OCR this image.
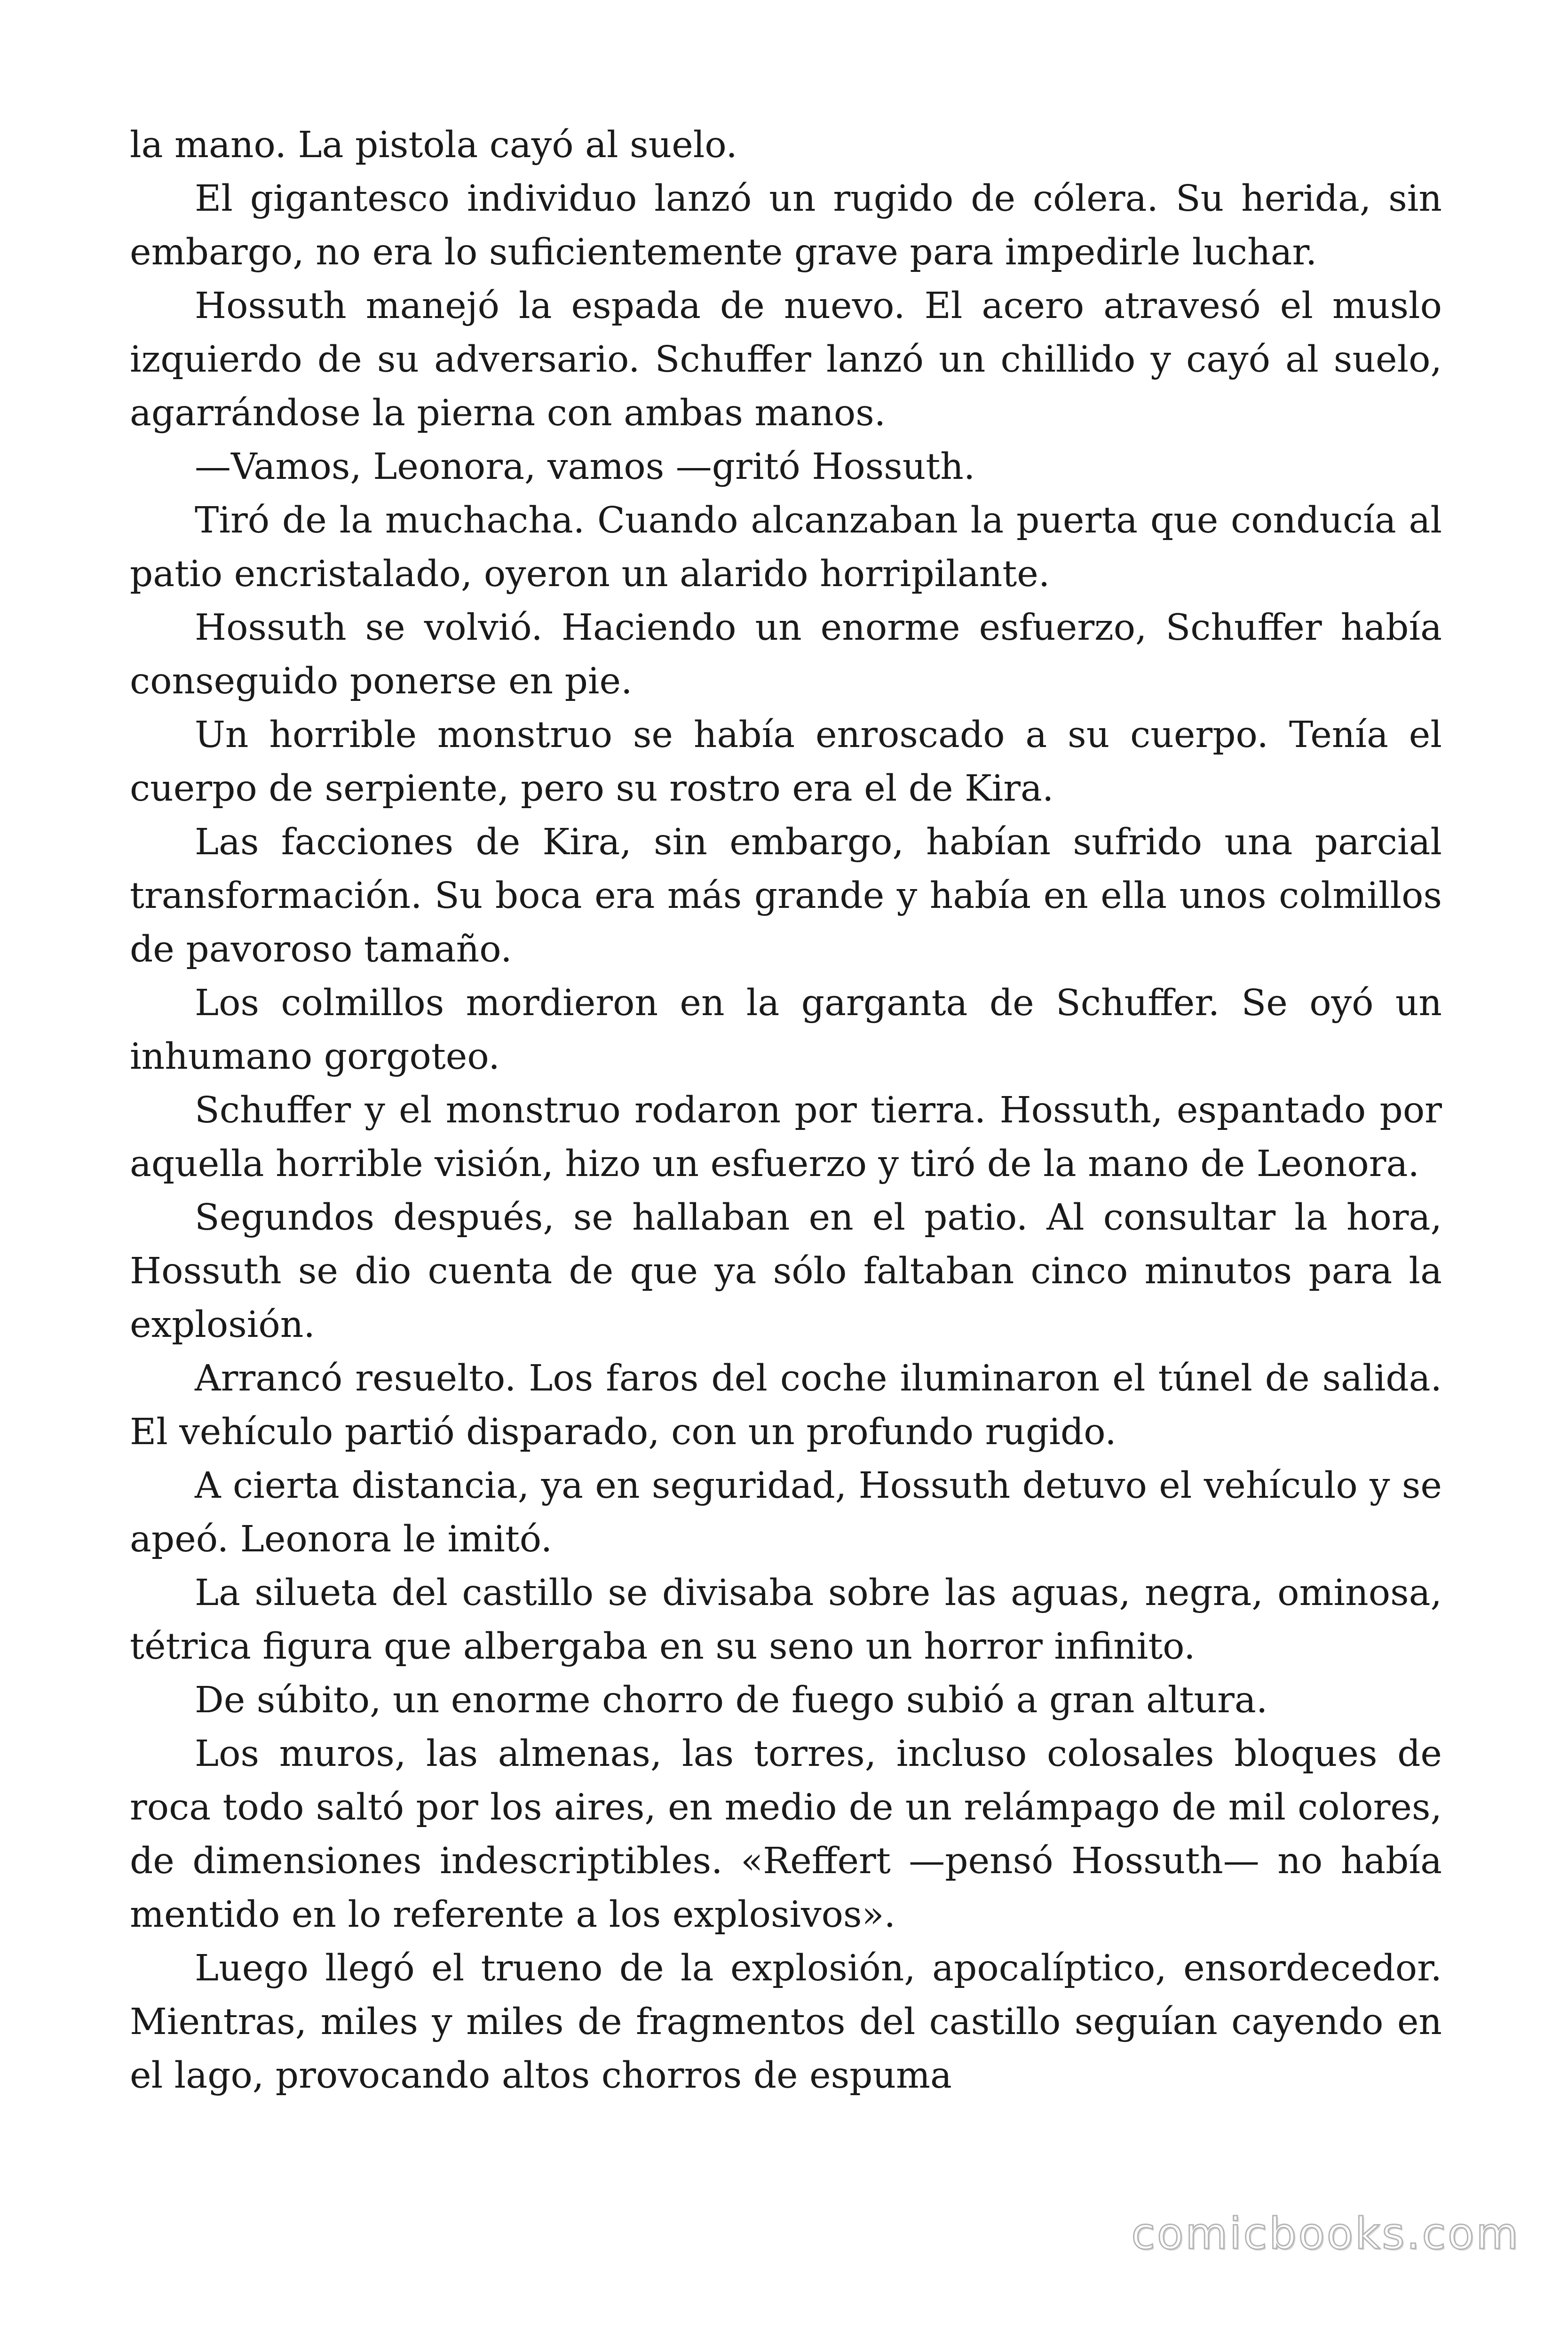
la mano. La pistola cayó al suelo.

El gigantesco individuo lanzó un rugido de cólera. Su herida, sin embargo, no era lo suficientemente grave para impedirle luchar.

Hossuth manejó la espada de nuevo. El acero atravesó el muslo izquierdo de su adversario. Schuffer lanzó un chillido y cayó al suelo, agarrándose la pierna con ambas manos.

—Vamos, Leonora, vamos —gritó Hossuth.

Tiró de la muchacha. Cuando alcanzaban la puerta que conducía al patio encristalado, oyeron un alarido horripilante.

Hossuth se volvió. Haciendo un enorme esfuerzo, Schuffer había conseguido ponerse en pie.

Un horrible monstruo se había enroscado a su cuerpo. Tenía el cuerpo de serpiente, pero su rostro era el de Kira.

Las facciones de Kira, sin embargo, habían sufrido una parcial transformación. Su boca era más grande y había en ella unos colmillos de pavoroso tamaño.

Los colmillos mordieron en la garganta de Schuffer. Se oyó un inhumano gorgoteo.

Schuffer y el monstruo rodaron por tierra. Hossuth, espantado por aquella horrible visión, hizo un esfuerzo y tiró de la mano de Leonora.

Segundos después, se hallaban en el patio. Al consultar la hora, Hossuth se dio cuenta de que ya sólo faltaban cinco minutos para la explosión.

Arrancó resuelto. Los faros del coche iluminaron el túnel de salida. El vehículo partió disparado, con un profundo rugido.

A cierta distancia, ya en seguridad, Hossuth detuvo el vehículo y se apeó. Leonora le imitó.

La silueta del castillo se divisaba sobre las aguas, negra, ominosa, tétrica figura que albergaba en su seno un horror infinito.

De súbito, un enorme chorro de fuego subió a gran altura.

Los muros, las almenas, las torres, incluso colosales bloques de roca todo saltó por los aires, en medio de un relámpago de mil colores, de dimensiones indescriptibles. «Reffert —pensó Hossuth— no había mentido en lo referente a los explosivos».

Luego llegó el trueno de la explosión, apocalíptico, ensordecedor. Mientras, miles y miles de fragmentos del castillo seguían cayendo en el lago, provocando altos chorros de espuma

comicbooks.com
